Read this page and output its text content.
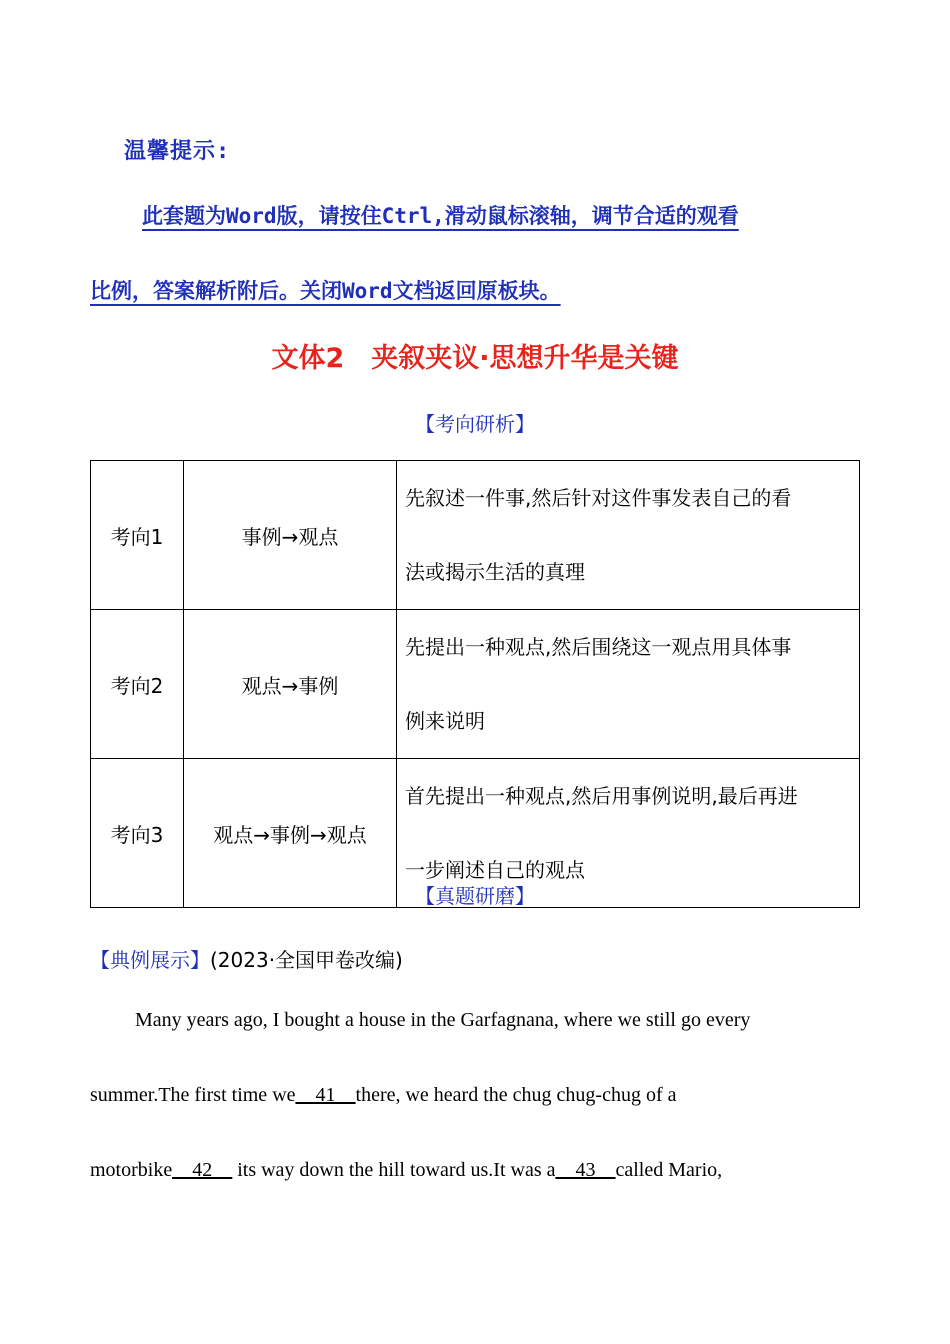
温馨提示:
此套题为Word版，请按住Ctrl,滑动鼠标滚轴，调节合适的观看
比例，答案解析附后。关闭Word文档返回原板块。
文体2　夹叙夹议·思想升华是关键
【考向研析】
考向1	事例→观点	先叙述一件事,然后针对这件事发表自己的看
法或揭示生活的真理

考向2	观点→事例	先提出一种观点,然后围绕这一观点用具体事
例来说明

考向3	观点→事例→观点	首先提出一种观点,然后用事例说明,最后再进
一步阐述自己的观点
【真题研磨】
【典例展示】(2023·全国甲卷改编)
Many years ago, I bought a house in the Garfagnana, where we still go every
summer.The first time we__41__there, we heard the chug chug-chug of a
motorbike__42__ its way down the hill toward us.It was a__43__called Mario,
